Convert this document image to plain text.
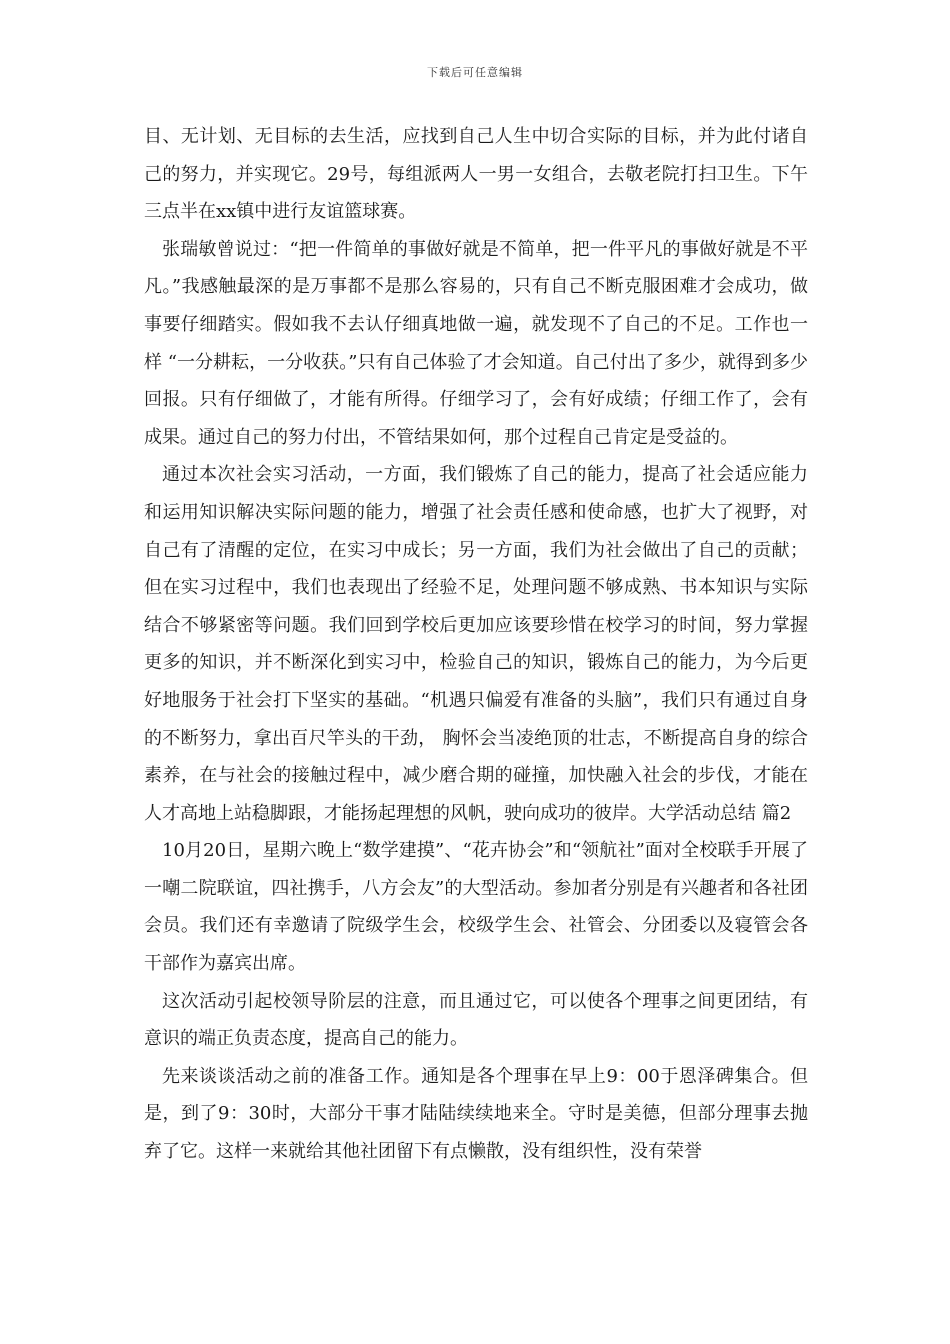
下载后可任意编辑

目、无计划、无目标的去生活，应找到自己人生中切合实际的目标，并为此付诸自己的努力，并实现它。29号，每组派两人一男一女组合，去敬老院打扫卫生。下午三点半在xx镇中进行友谊篮球赛。

张瑞敏曾说过：“把一件简单的事做好就是不简单，把一件平凡的事做好就是不平凡。”我感触最深的是万事都不是那么容易的，只有自己不断克服困难才会成功，做事要仔细踏实。假如我不去认仔细真地做一遍，就发现不了自己的不足。工作也一样 “一分耕耘，一分收获。”只有自己体验了才会知道。自己付出了多少，就得到多少回报。只有仔细做了，才能有所得。仔细学习了，会有好成绩；仔细工作了，会有成果。通过自己的努力付出，不管结果如何，那个过程自己肯定是受益的。

通过本次社会实习活动，一方面，我们锻炼了自己的能力，提高了社会适应能力和运用知识解决实际问题的能力，增强了社会责任感和使命感，也扩大了视野，对自己有了清醒的定位，在实习中成长；另一方面，我们为社会做出了自己的贡献；但在实习过程中，我们也表现出了经验不足，处理问题不够成熟、书本知识与实际结合不够紧密等问题。我们回到学校后更加应该要珍惜在校学习的时间，努力掌握更多的知识，并不断深化到实习中，检验自己的知识，锻炼自己的能力，为今后更好地服务于社会打下坚实的基础。“机遇只偏爱有准备的头脑”，我们只有通过自身的不断努力，拿出百尺竿头的干劲， 胸怀会当凌绝顶的壮志，不断提高自身的综合素养，在与社会的接触过程中，减少磨合期的碰撞，加快融入社会的步伐，才能在人才高地上站稳脚跟，才能扬起理想的风帆，驶向成功的彼岸。大学活动总结 篇2

10月20日，星期六晚上“数学建摸”、“花卉协会”和“领航社”面对全校联手开展了一嘲二院联谊，四社携手，八方会友”的大型活动。参加者分别是有兴趣者和各社团会员。我们还有幸邀请了院级学生会，校级学生会、社管会、分团委以及寝管会各干部作为嘉宾出席。

这次活动引起校领导阶层的注意，而且通过它，可以使各个理事之间更团结，有意识的端正负责态度，提高自己的能力。

先来谈谈活动之前的准备工作。通知是各个理事在早上9：00于恩泽碑集合。但是，到了9：30时，大部分干事才陆陆续续地来全。守时是美德，但部分理事去抛弃了它。这样一来就给其他社团留下有点懒散，没有组织性，没有荣誉
